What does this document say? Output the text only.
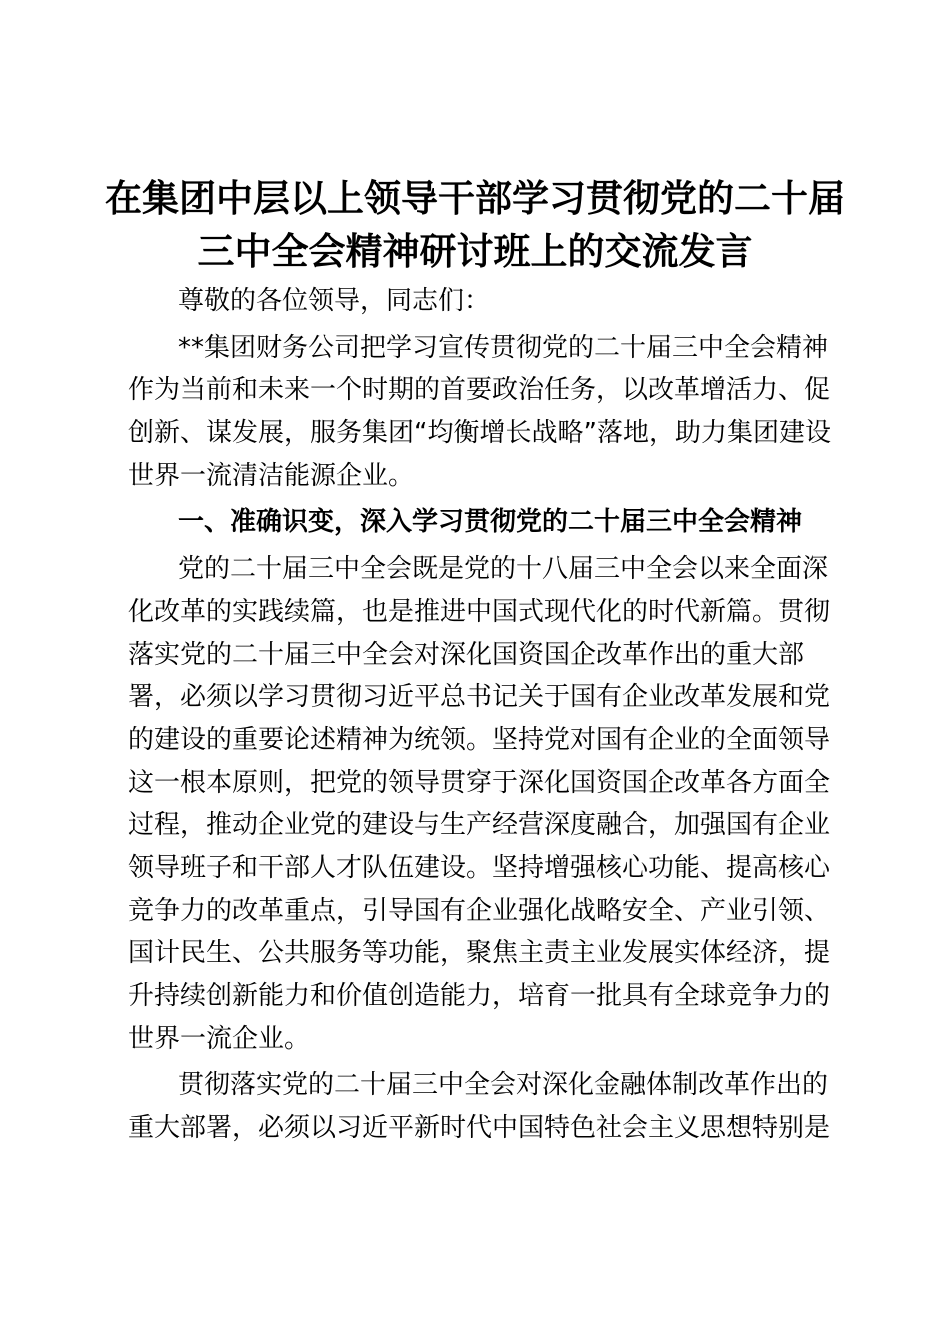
在集团中层以上领导干部学习贯彻党的二十届
三中全会精神研讨班上的交流发言
尊敬的各位领导，同志们：
**集团财务公司把学习宣传贯彻党的二十届三中全会精神
作为当前和未来一个时期的首要政治任务，以改革增活力、促
创新、谋发展，服务集团“均衡增长战略”落地，助力集团建设
世界一流清洁能源企业。
一、准确识变，深入学习贯彻党的二十届三中全会精神
党的二十届三中全会既是党的十八届三中全会以来全面深
化改革的实践续篇，也是推进中国式现代化的时代新篇。贯彻
落实党的二十届三中全会对深化国资国企改革作出的重大部
署，必须以学习贯彻习近平总书记关于国有企业改革发展和党
的建设的重要论述精神为统领。坚持党对国有企业的全面领导
这一根本原则，把党的领导贯穿于深化国资国企改革各方面全
过程，推动企业党的建设与生产经营深度融合，加强国有企业
领导班子和干部人才队伍建设。坚持增强核心功能、提高核心
竞争力的改革重点，引导国有企业强化战略安全、产业引领、
国计民生、公共服务等功能，聚焦主责主业发展实体经济，提
升持续创新能力和价值创造能力，培育一批具有全球竞争力的
世界一流企业。
贯彻落实党的二十届三中全会对深化金融体制改革作出的
重大部署，必须以习近平新时代中国特色社会主义思想特别是
